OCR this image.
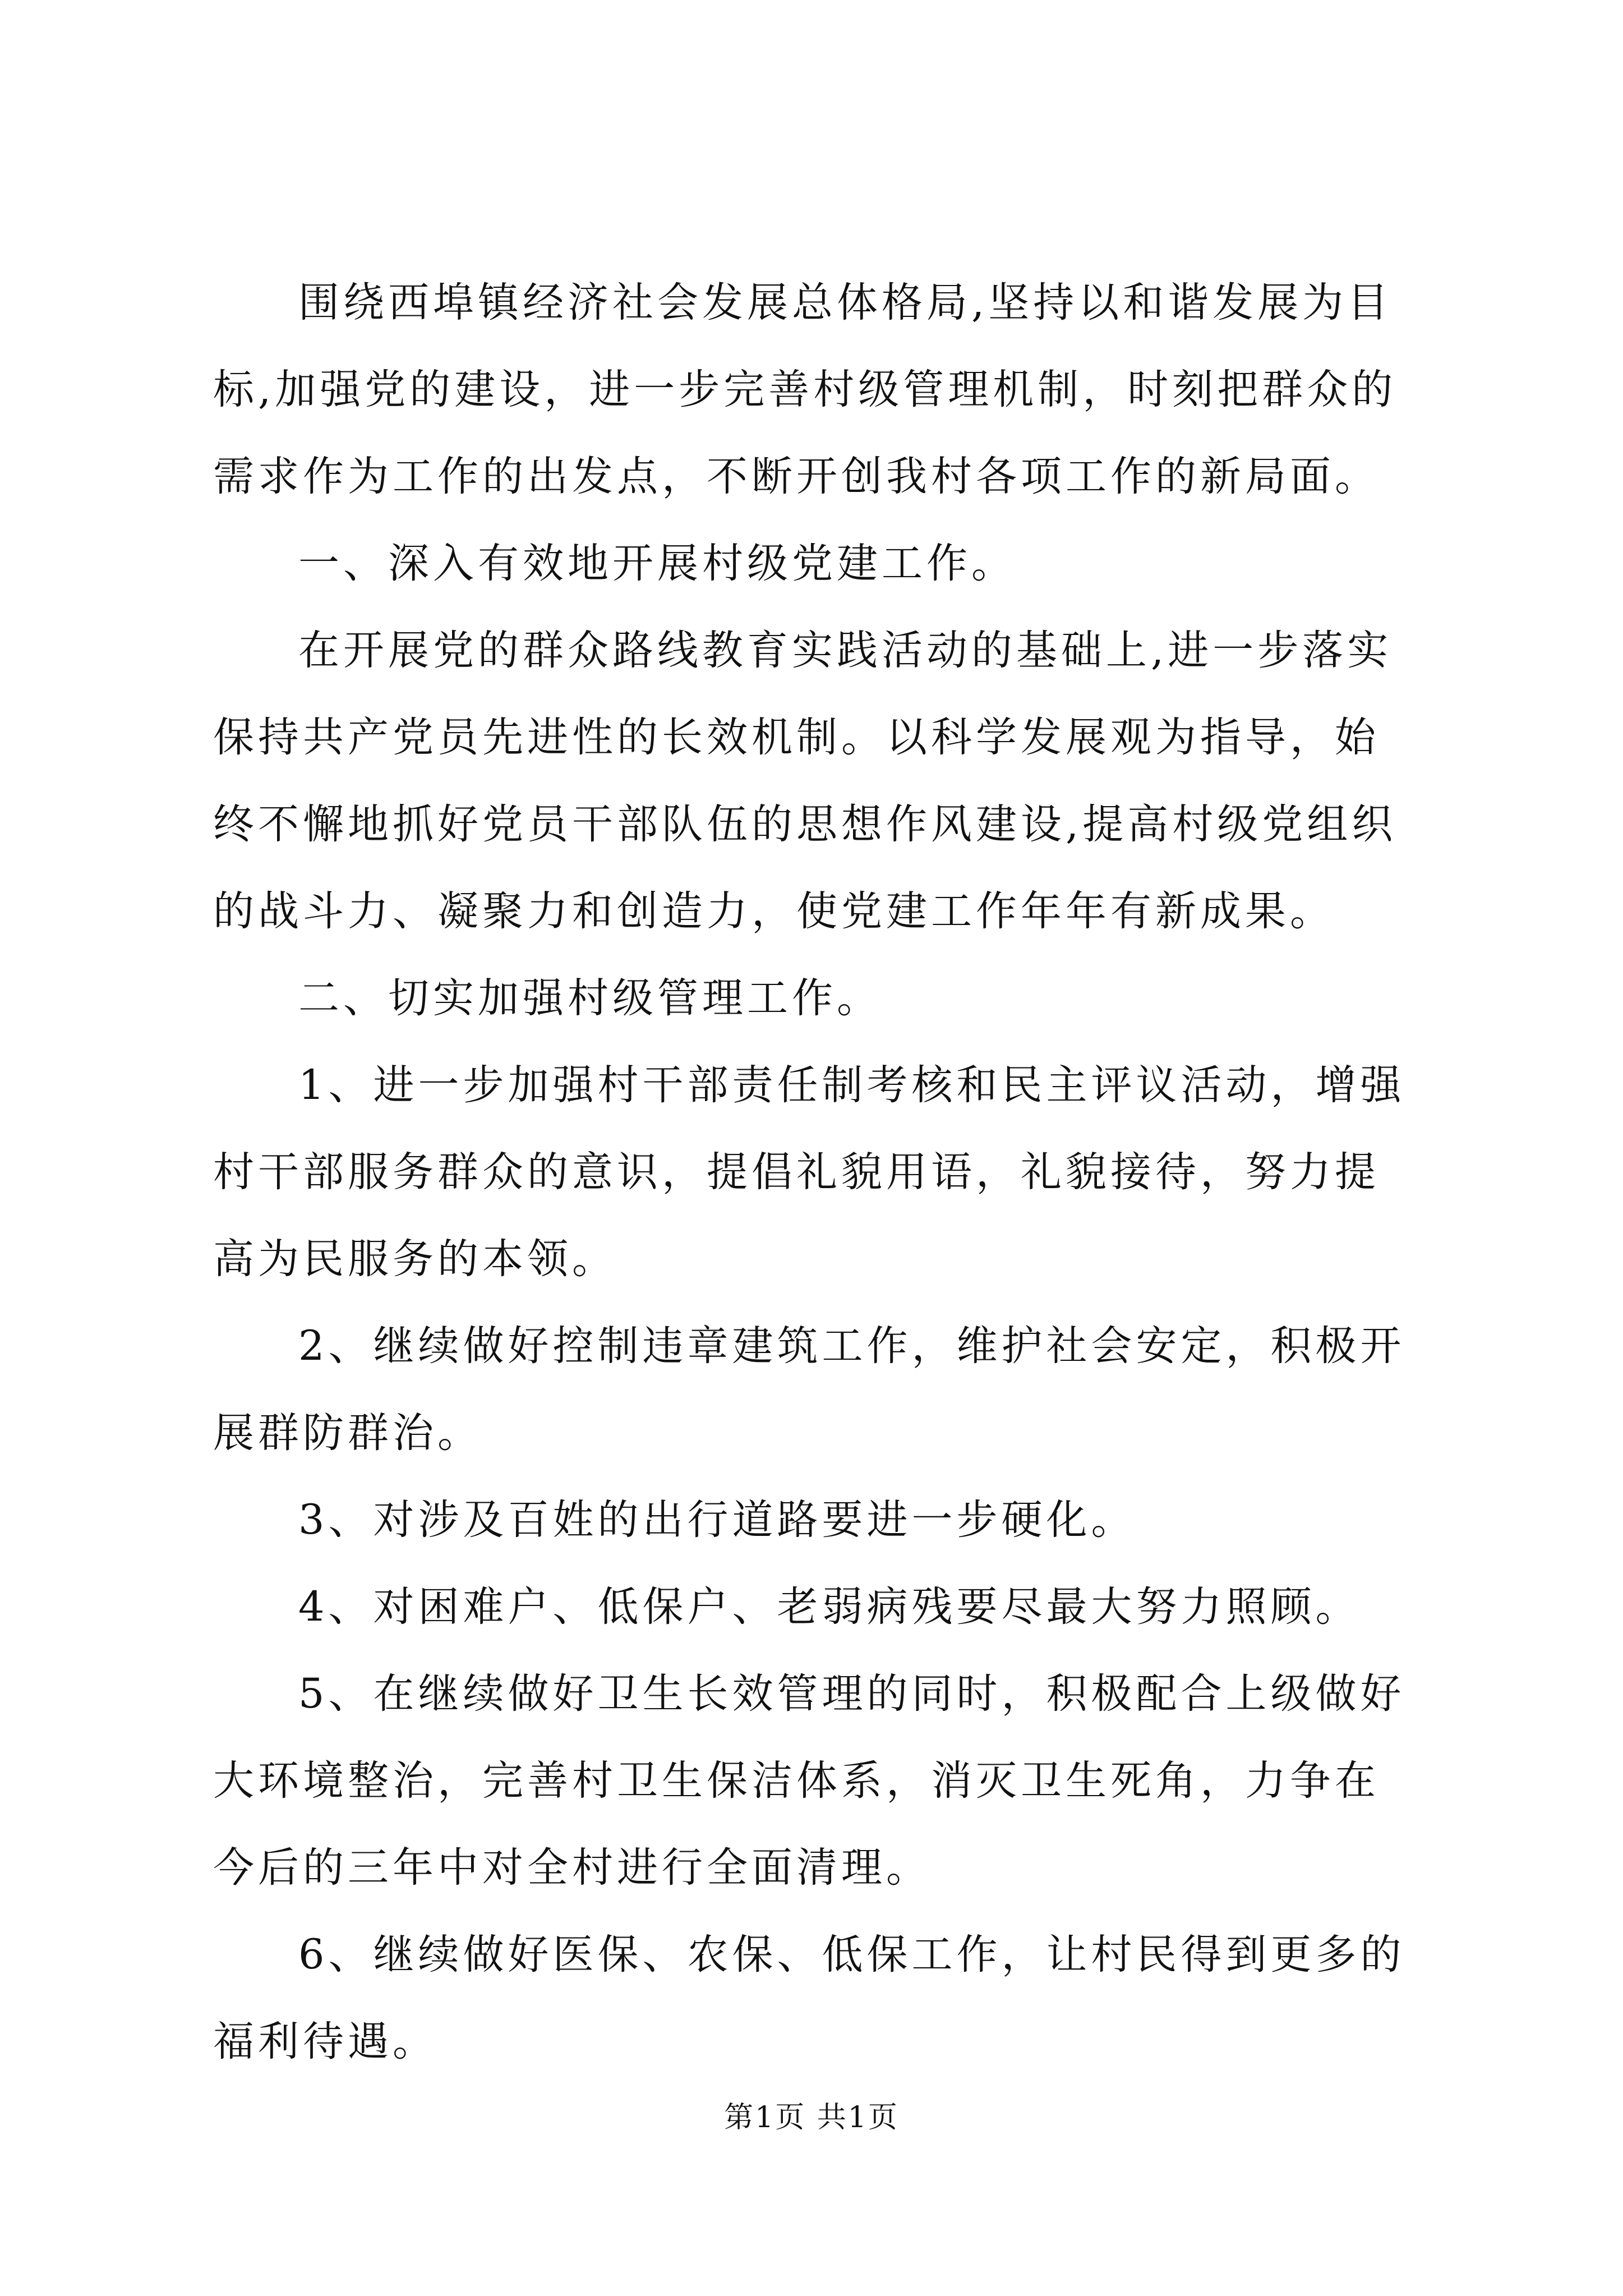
围绕西埠镇经济社会发展总体格局,坚持以和谐发展为目标,加强党的建设，进一步完善村级管理机制，时刻把群众的需求作为工作的出发点，不断开创我村各项工作的新局面。

一、深入有效地开展村级党建工作。

在开展党的群众路线教育实践活动的基础上,进一步落实保持共产党员先进性的长效机制。以科学发展观为指导，始终不懈地抓好党员干部队伍的思想作风建设,提高村级党组织的战斗力、凝聚力和创造力，使党建工作年年有新成果。

二、切实加强村级管理工作。

1、进一步加强村干部责任制考核和民主评议活动，增强村干部服务群众的意识，提倡礼貌用语，礼貌接待，努力提高为民服务的本领。

2、继续做好控制违章建筑工作，维护社会安定，积极开展群防群治。

3、对涉及百姓的出行道路要进一步硬化。

4、对困难户、低保户、老弱病残要尽最大努力照顾。

5、在继续做好卫生长效管理的同时，积极配合上级做好大环境整治，完善村卫生保洁体系，消灭卫生死角，力争在今后的三年中对全村进行全面清理。

6、继续做好医保、农保、低保工作，让村民得到更多的福利待遇。

第1页 共1页
